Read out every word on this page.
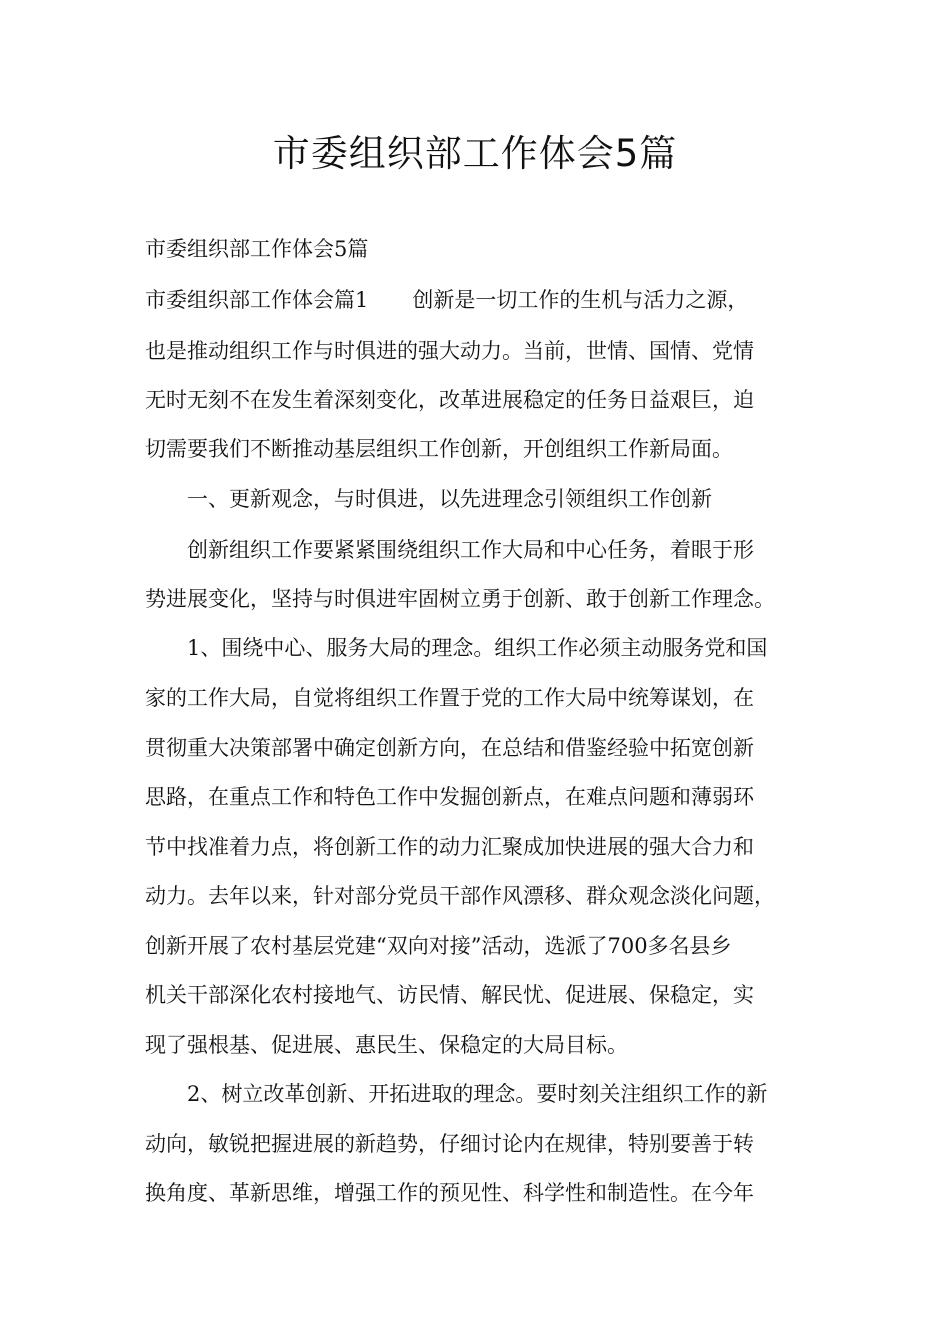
市委组织部工作体会5篇

市委组织部工作体会5篇

市委组织部工作体会篇1 创新是一切工作的生机与活力之源，

也是推动组织工作与时俱进的强大动力。当前，世情、国情、党情

无时无刻不在发生着深刻变化，改革进展稳定的任务日益艰巨，迫

切需要我们不断推动基层组织工作创新，开创组织工作新局面。

一、更新观念，与时俱进，以先进理念引领组织工作创新

创新组织工作要紧紧围绕组织工作大局和中心任务，着眼于形

势进展变化，坚持与时俱进牢固树立勇于创新、敢于创新工作理念。

1、围绕中心、服务大局的理念。组织工作必须主动服务党和国

家的工作大局，自觉将组织工作置于党的工作大局中统筹谋划，在

贯彻重大决策部署中确定创新方向，在总结和借鉴经验中拓宽创新

思路，在重点工作和特色工作中发掘创新点，在难点问题和薄弱环

节中找准着力点，将创新工作的动力汇聚成加快进展的强大合力和

动力。去年以来，针对部分党员干部作风漂移、群众观念淡化问题，

创新开展了农村基层党建“双向对接”活动，选派了700多名县乡

机关干部深化农村接地气、访民情、解民忧、促进展、保稳定，实

现了强根基、促进展、惠民生、保稳定的大局目标。

2、树立改革创新、开拓进取的理念。要时刻关注组织工作的新

动向，敏锐把握进展的新趋势，仔细讨论内在规律，特别要善于转

换角度、革新思维，增强工作的预见性、科学性和制造性。在今年
